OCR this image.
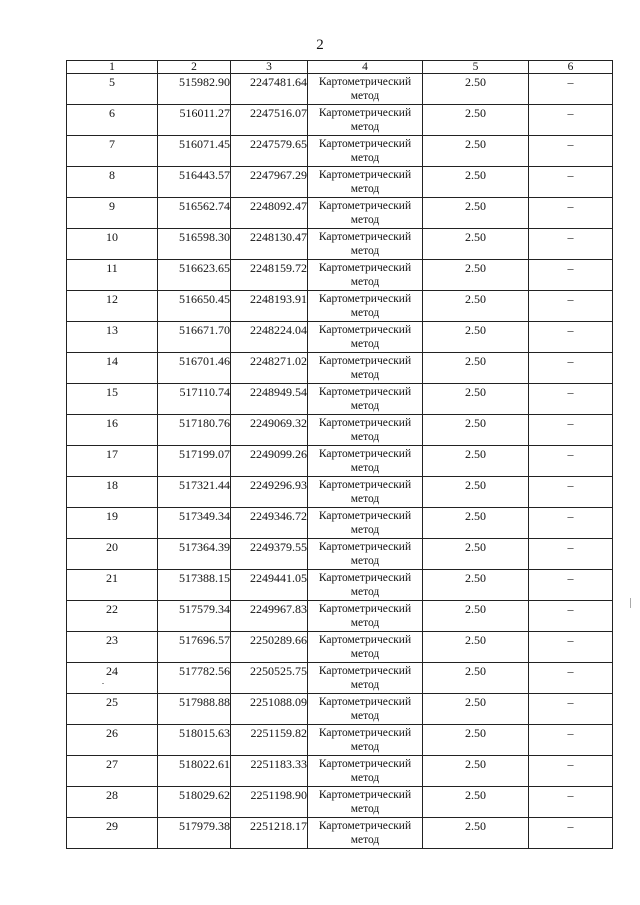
2
1	2	3	4	5	6
5	515982.90	2247481.64	Картометрический метод	2.50	–
6	516011.27	2247516.07	Картометрический метод	2.50	–
7	516071.45	2247579.65	Картометрический метод	2.50	–
8	516443.57	2247967.29	Картометрический метод	2.50	–
9	516562.74	2248092.47	Картометрический метод	2.50	–
10	516598.30	2248130.47	Картометрический метод	2.50	–
11	516623.65	2248159.72	Картометрический метод	2.50	–
12	516650.45	2248193.91	Картометрический метод	2.50	–
13	516671.70	2248224.04	Картометрический метод	2.50	–
14	516701.46	2248271.02	Картометрический метод	2.50	–
15	517110.74	2248949.54	Картометрический метод	2.50	–
16	517180.76	2249069.32	Картометрический метод	2.50	–
17	517199.07	2249099.26	Картометрический метод	2.50	–
18	517321.44	2249296.93	Картометрический метод	2.50	–
19	517349.34	2249346.72	Картометрический метод	2.50	–
20	517364.39	2249379.55	Картометрический метод	2.50	–
21	517388.15	2249441.05	Картометрический метод	2.50	–
22	517579.34	2249967.83	Картометрический метод	2.50	–
23	517696.57	2250289.66	Картометрический метод	2.50	–
24	517782.56	2250525.75	Картометрический метод	2.50	–
25	517988.88	2251088.09	Картометрический метод	2.50	–
26	518015.63	2251159.82	Картометрический метод	2.50	–
27	518022.61	2251183.33	Картометрический метод	2.50	–
28	518029.62	2251198.90	Картометрический метод	2.50	–
29	517979.38	2251218.17	Картометрический метод	2.50	–
